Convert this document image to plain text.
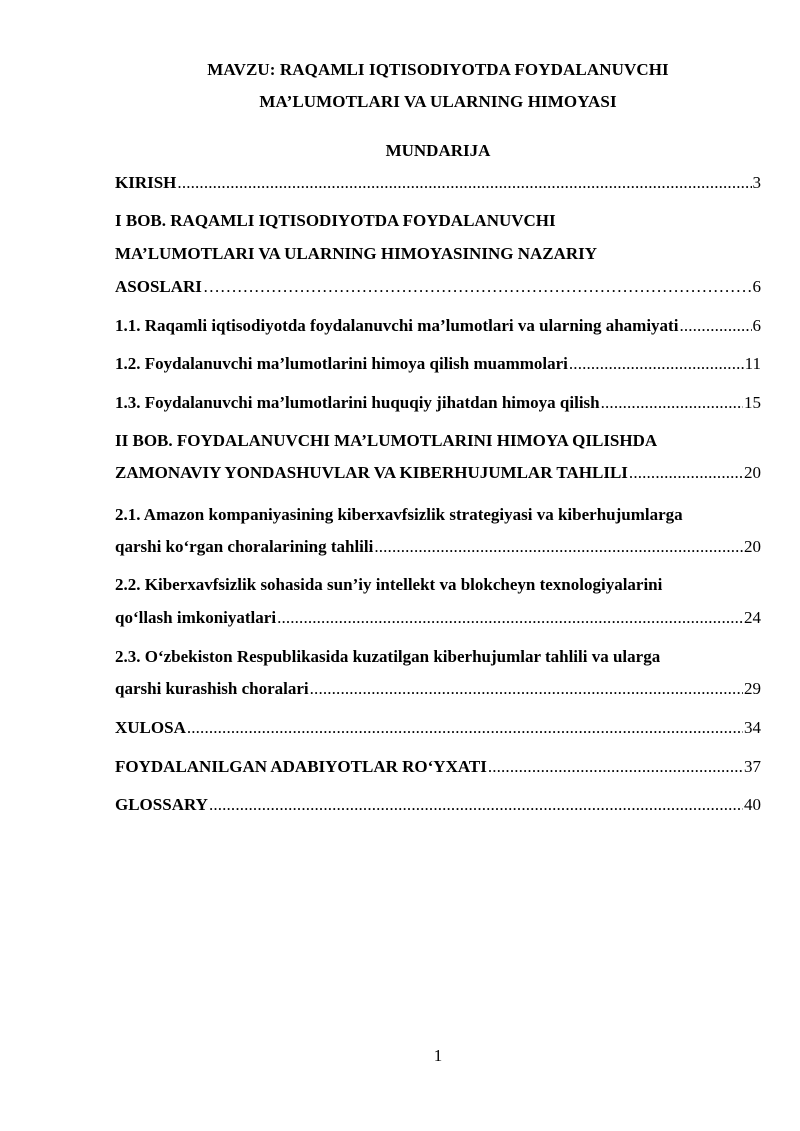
MAVZU: RAQAMLI IQTISODIYOTDA FOYDALANUVCHI
MA’LUMOTLARI VA ULARNING HIMOYASI
MUNDARIJA
KIRISH .....	3
I BOB. RAQAMLI IQTISODIYOTDA FOYDALANUVCHI
MA’LUMOTLARI VA ULARNING HIMOYASINING NAZARIY
ASOSLARI ……………………………………………………………………………………………………………………………………………	6
1.1. Raqamli iqtisodiyotda foydalanuvchi ma’lumotlari va ularning ahamiyati .....	6
1.2. Foydalanuvchi ma’lumotlarini himoya qilish muammolari .....	11
1.3. Foydalanuvchi ma’lumotlarini huquqiy jihatdan himoya qilish .....	15
II BOB. FOYDALANUVCHI MA’LUMOTLARINI HIMOYA QILISHDA
ZAMONAVIY YONDASHUVLAR VA KIBERHUJUMLAR TAHLILI .....	20
2.1. Amazon kompaniyasining kiberxavfsizlik strategiyasi va kiberhujumlarga
qarshi ko‘rgan choralarining tahlili .....	20
2.2. Kiberxavfsizlik sohasida sun’iy intellekt va blokcheyn texnologiyalarini
qo‘llash imkoniyatlari .....	24
2.3. O‘zbekiston Respublikasida kuzatilgan kiberhujumlar tahlili va ularga
qarshi kurashish choralari .....	29
XULOSA .....	34
FOYDALANILGAN ADABIYOTLAR RO‘YXATI .....	37
GLOSSARY .....	40
1
